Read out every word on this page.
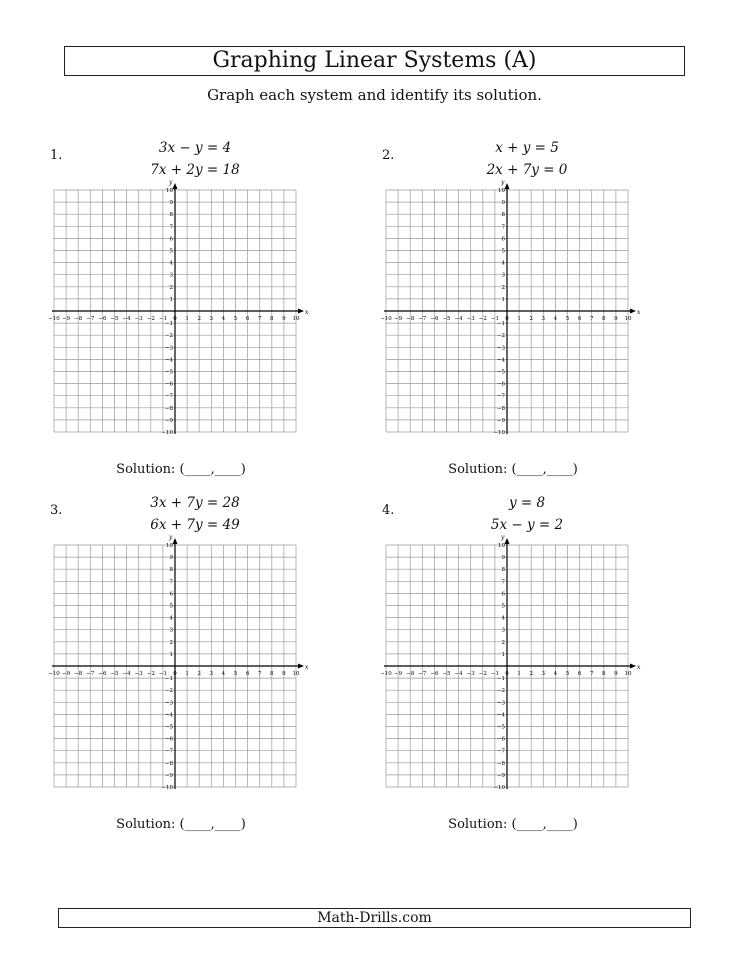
Graphing Linear Systems (A)
Graph each system and identify its solution.
1.	3x − y = 4
7x + 2y = 18
x
y
−10 −9 −8 −7 −6 −5 −4 −3 −2 −1 0 1 2 3 4 5 6 7 8 9 10
−10
−9
−8
−7
−6
−5
−4
−3
−2
−1
1
2
3
4
5
6
7
8
9
10
Solution: (____,____)
2.	x + y = 5
2x + 7y = 0
x
y
−10 −9 −8 −7 −6 −5 −4 −3 −2 −1 0 1 2 3 4 5 6 7 8 9 10
−10
−9
−8
−7
−6
−5
−4
−3
−2
−1
1
2
3
4
5
6
7
8
9
10
Solution: (____,____)
3.	3x + 7y = 28
6x + 7y = 49
x
y
−10 −9 −8 −7 −6 −5 −4 −3 −2 −1 0 1 2 3 4 5 6 7 8 9 10
−10
−9
−8
−7
−6
−5
−4
−3
−2
−1
1
2
3
4
5
6
7
8
9
10
Solution: (____,____)
4.	y = 8
5x − y = 2
x
y
−10 −9 −8 −7 −6 −5 −4 −3 −2 −1 0 1 2 3 4 5 6 7 8 9 10
−10
−9
−8
−7
−6
−5
−4
−3
−2
−1
1
2
3
4
5
6
7
8
9
10
Solution: (____,____)
Math-Drills.com
